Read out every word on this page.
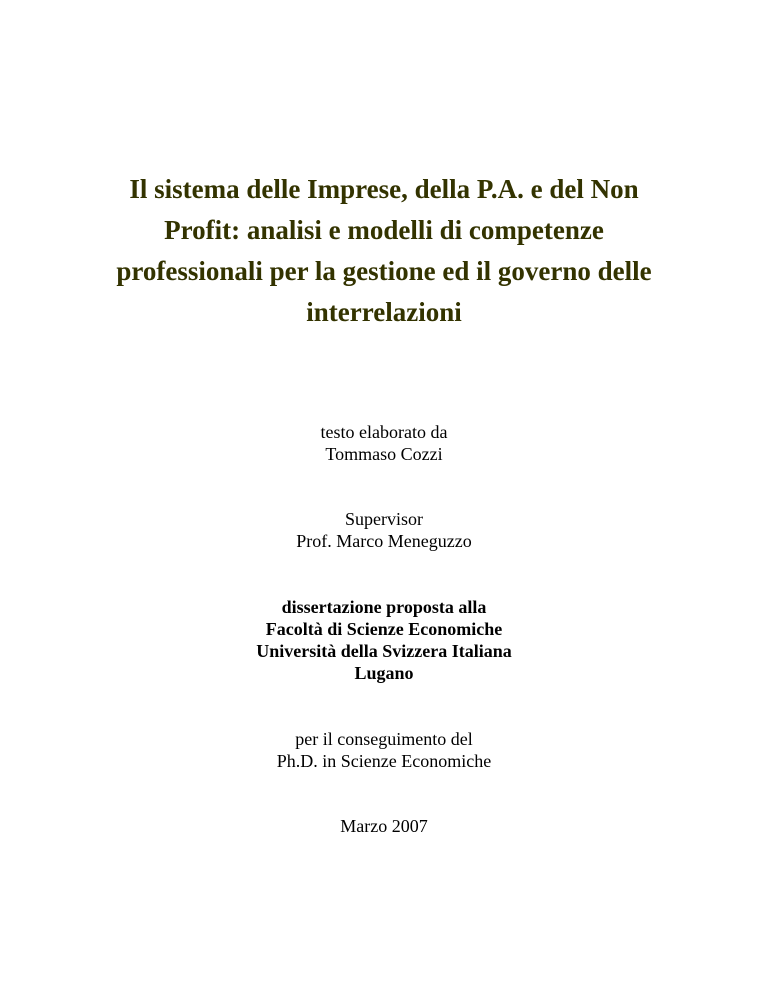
Il sistema delle Imprese, della P.A. e del Non
Profit: analisi e modelli di competenze
professionali per la gestione ed il governo delle
interrelazioni
testo elaborato da
Tommaso Cozzi
Supervisor
Prof. Marco Meneguzzo
dissertazione proposta alla
Facoltà di Scienze Economiche
Università della Svizzera Italiana
Lugano
per il conseguimento del
Ph.D. in Scienze Economiche
Marzo 2007
